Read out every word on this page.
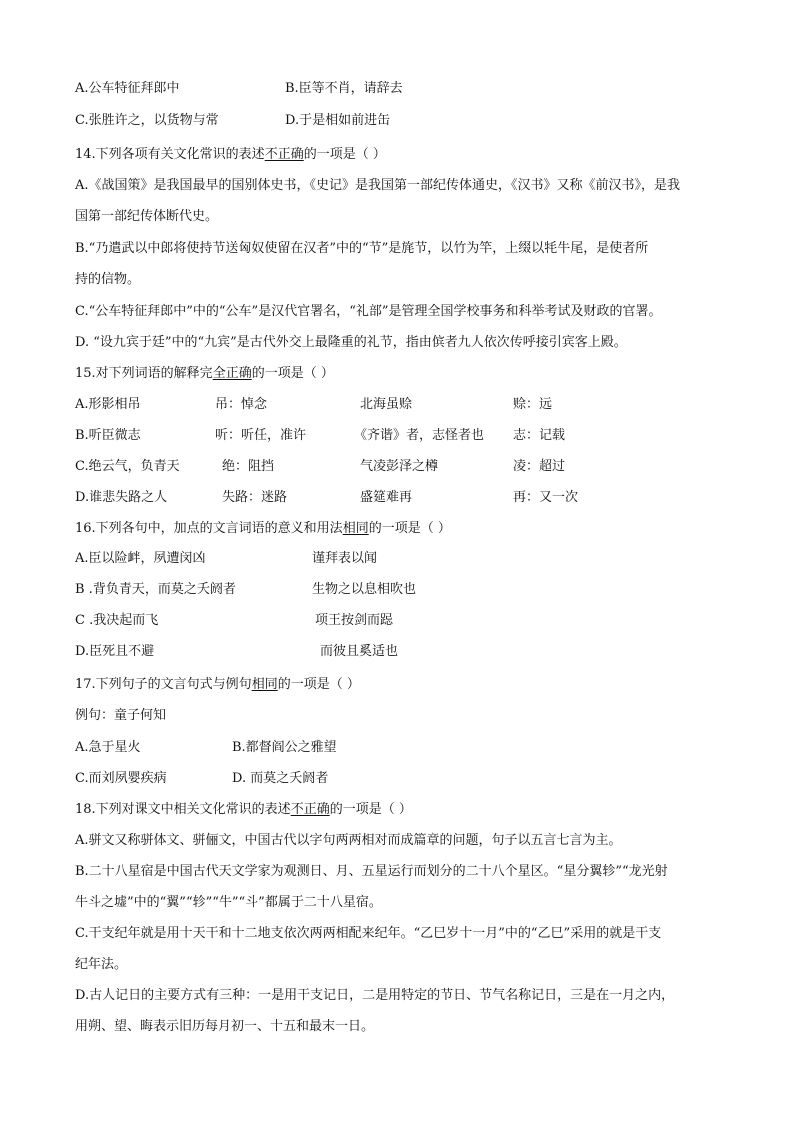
A.公车特征拜郎中	B.臣等不肖，请辞去

C.张胜许之，以货物与常	D.于是相如前进缶

14.下列各项有关文化常识的表述不正确的一项是（ ）

A.《战国策》是我国最早的国别体史书，《史记》是我国第一部纪传体通史，《汉书》又称《前汉书》，是我

国第一部纪传体断代史。

B.“乃遣武以中郎将使持节送匈奴使留在汉者”中的“节”是旄节，以竹为竿，上缀以牦牛尾，是使者所

持的信物。

C.“公车特征拜郎中”中的“公车”是汉代官署名，“礼部”是管理全国学校事务和科举考试及财政的官署。

D. “设九宾于廷”中的“九宾”是古代外交上最隆重的礼节，指由傧者九人依次传呼接引宾客上殿。

15.对下列词语的解释完全正确的一项是（ ）

A.形影相吊	吊：悼念	北海虽赊	赊：远

B.听臣微志	听：听任，准许	《齐谐》者，志怪者也 志：记载

C.绝云气，负青天	绝：阻挡	气凌彭泽之樽	凌：超过

D.谁悲失路之人	失路：迷路	盛筵难再	再：又一次

16.下列各句中，加点的文言词语的意义和用法相同的一项是（ ）

A.臣以险衅，夙遭闵凶	谨拜表以闻

B .背负青天，而莫之夭阏者	生物之以息相吹也

C .我决起而飞	项王按剑而跽

D.臣死且不避	而彼且奚适也

17.下列句子的文言句式与例句相同的一项是（ ）

例句：童子何知

A.急于星火	B.都督阎公之雅望

C.而刘夙婴疾病	D. 而莫之夭阏者

18.下列对课文中相关文化常识的表述不正确的一项是（ ）

A.骈文又称骈体文、骈俪文，中国古代以字句两两相对而成篇章的问题，句子以五言七言为主。

B.二十八星宿是中国古代天文学家为观测日、月、五星运行而划分的二十八个星区。“星分翼轸”“龙光射

牛斗之墟”中的“翼”“轸”“牛”“斗”都属于二十八星宿。

C.干支纪年就是用十天干和十二地支依次两两相配来纪年。“乙巳岁十一月”中的“乙巳”采用的就是干支

纪年法。

D.古人记日的主要方式有三种：一是用干支记日，二是用特定的节日、节气名称记日，三是在一月之内，

用朔、望、晦表示旧历每月初一、十五和最末一日。
